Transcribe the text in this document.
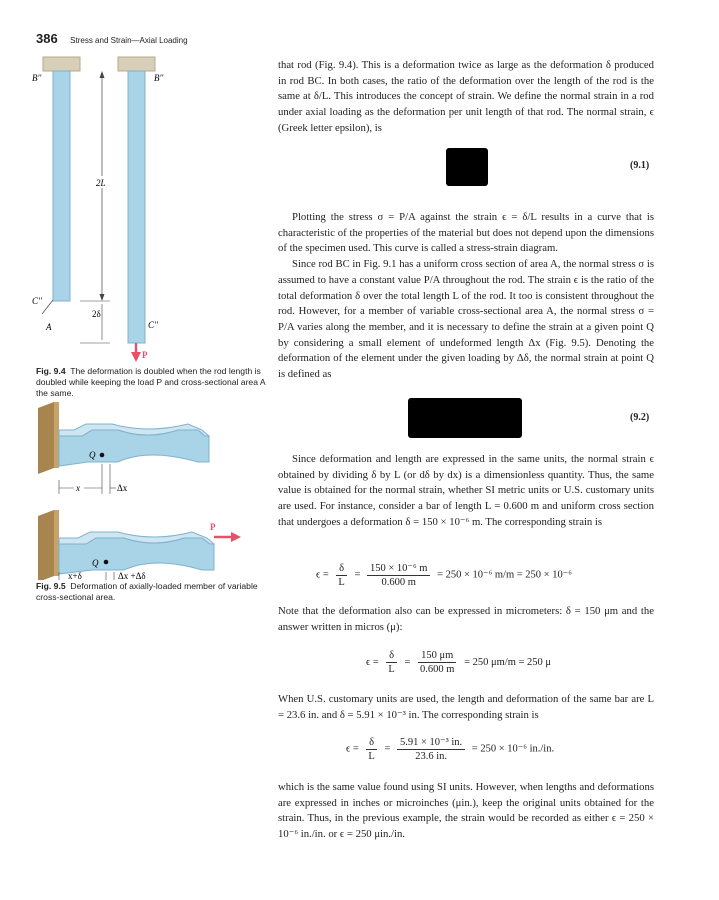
386 Stress and Strain—Axial Loading
B''	B''
2L
C''
2δ
A	C''
P
Fig. 9.4 The deformation is doubled when the rod length is doubled while keeping the load P and cross-sectional area A the same.
Q
x	Δx
Q
P
x+δ	Δx +Δδ
Fig. 9.5 Deformation of axially-loaded member of variable cross-sectional area.

that rod (Fig. 9.4). This is a deformation twice as large as the deformation δ produced in rod BC. In both cases, the ratio of the deformation over the length of the rod is the same at δ/L. This introduces the concept of strain. We define the normal strain in a rod under axial loading as the deformation per unit length of that rod. The normal strain, ϵ (Greek letter epsilon), is

(9.1)

Plotting the stress σ = P/A against the strain ϵ = δ/L results in a curve that is characteristic of the properties of the material but does not depend upon the dimensions of the specimen used. This curve is called a stress-strain diagram.

Since rod BC in Fig. 9.1 has a uniform cross section of area A, the normal stress σ is assumed to have a constant value P/A throughout the rod. The strain ϵ is the ratio of the total deformation δ over the total length L of the rod. It too is consistent throughout the rod. However, for a member of variable cross-sectional area A, the normal stress σ = P/A varies along the member, and it is necessary to define the strain at a given point Q by considering a small element of undeformed length Δx (Fig. 9.5). Denoting the deformation of the element under the given loading by Δδ, the normal strain at point Q is defined as

(9.2)

Since deformation and length are expressed in the same units, the normal strain ϵ obtained by dividing δ by L (or dδ by dx) is a dimensionless quantity. Thus, the same value is obtained for the normal strain, whether SI metric units or U.S. customary units are used. For instance, consider a bar of length L = 0.600 m and uniform cross section that undergoes a deformation δ = 150 × 10⁻⁶ m. The corresponding strain is

$\epsilon = \frac{\delta}{L} = \frac{\text{150 × 10⁻⁶ m}}{0.600 m} = 250 \times 10^{-6}$ m/m = 250 × 10⁻⁶

Note that the deformation also can be expressed in micrometers: δ = 150 μm and the answer written in micros (μ):

$\epsilon = \frac{\delta}{L} = \frac{150 \mu m}{0.600 m} = 250$ μm/m = 250 μ

When U.S. customary units are used, the length and deformation of the same bar are L = 23.6 in. and δ = 5.91 × 10⁻³ in. The corresponding strain is

$\epsilon = \frac{\delta}{L} = \frac{\text{5.91 × 10⁻³ in.}}{23.6 in.} = 250 \times 10^{-6}$ in./in.

which is the same value found using SI units. However, when lengths and deformations are expressed in inches or microinches (μin.), keep the original units obtained for the strain. Thus, in the previous example, the strain would be recorded as either ϵ = 250 × 10⁻⁶ in./in. or ϵ = 250 μin./in.
